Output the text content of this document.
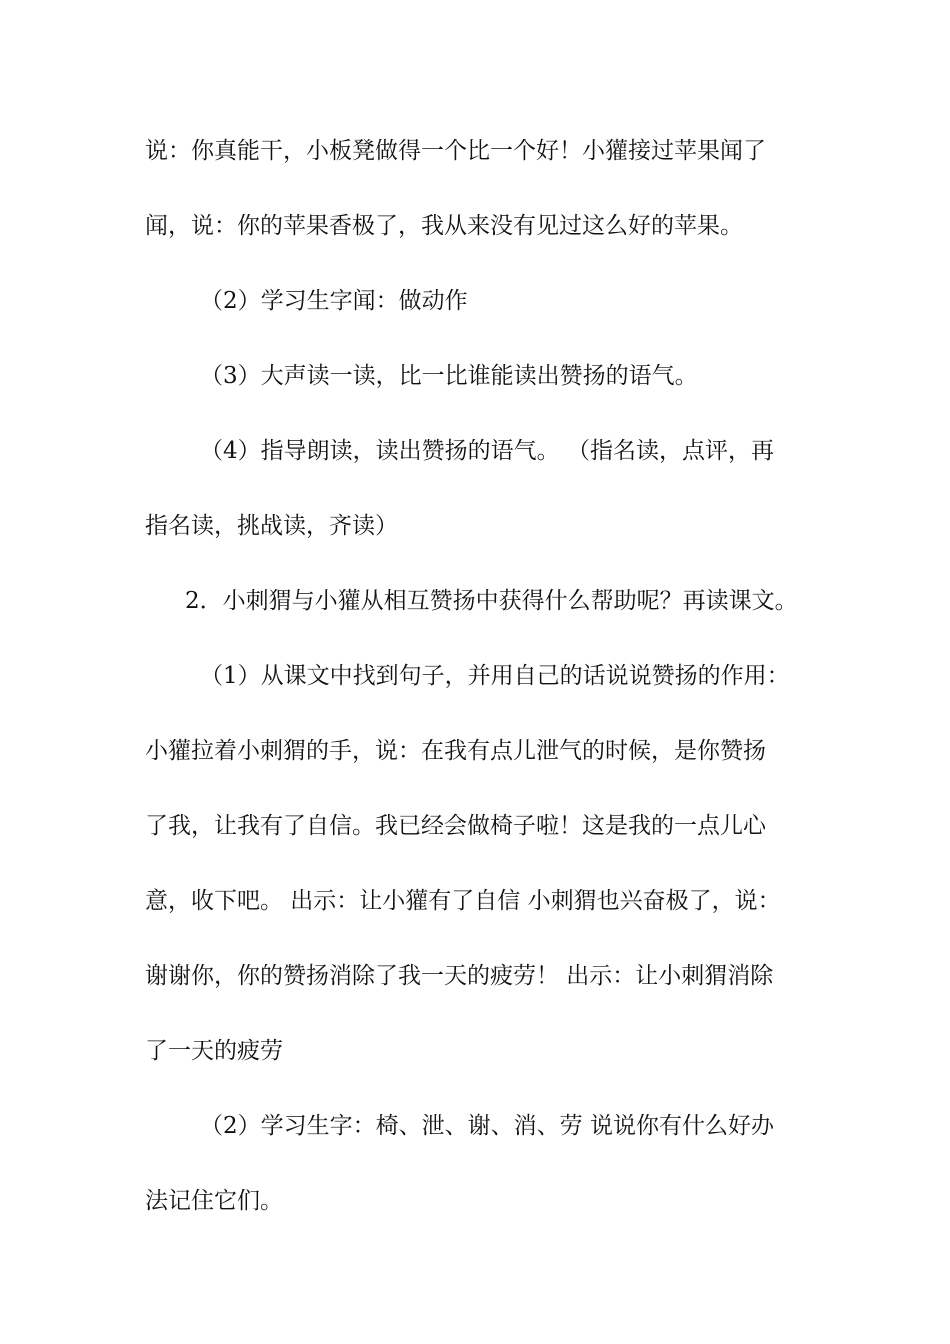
说：你真能干，小板凳做得一个比一个好！小獾接过苹果闻了
闻，说：你的苹果香极了，我从来没有见过这么好的苹果。
（2）学习生字闻：做动作
（3）大声读一读，比一比谁能读出赞扬的语气。
（4）指导朗读，读出赞扬的语气。 （指名读，点评，再
指名读，挑战读，齐读）
2．小刺猬与小獾从相互赞扬中获得什么帮助呢？再读课文。
（1）从课文中找到句子，并用自己的话说说赞扬的作用：
小獾拉着小刺猬的手，说：在我有点儿泄气的时候，是你赞扬
了我，让我有了自信。我已经会做椅子啦！这是我的一点儿心
意，收下吧。 出示：让小獾有了自信 小刺猬也兴奋极了，说：
谢谢你，你的赞扬消除了我一天的疲劳！ 出示：让小刺猬消除
了一天的疲劳
（2）学习生字：椅、泄、谢、消、劳 说说你有什么好办
法记住它们。
